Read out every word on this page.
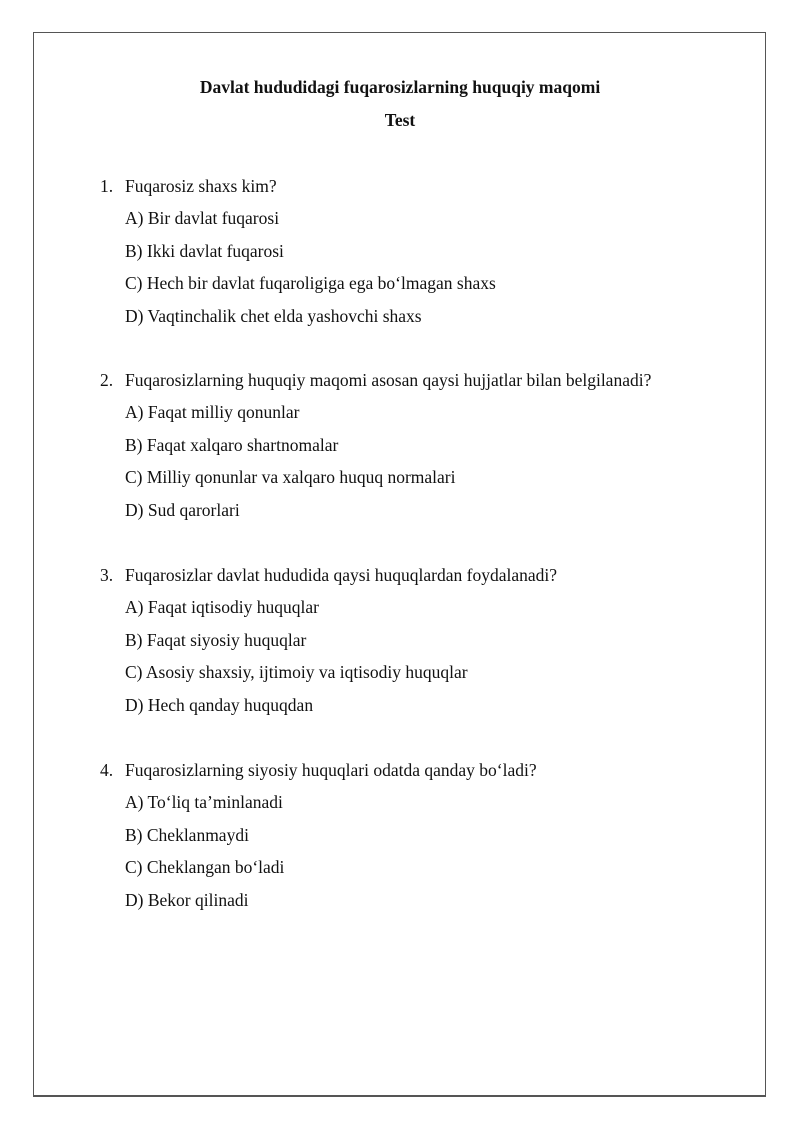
Davlat hududidagi fuqarosizlarning huquqiy maqomi
Test
1. Fuqarosiz shaxs kim?
A) Bir davlat fuqarosi
B) Ikki davlat fuqarosi
C) Hech bir davlat fuqaroligiga ega bo‘lmagan shaxs
D) Vaqtinchalik chet elda yashovchi shaxs
2. Fuqarosizlarning huquqiy maqomi asosan qaysi hujjatlar bilan belgilanadi?
A) Faqat milliy qonunlar
B) Faqat xalqaro shartnomalar
C) Milliy qonunlar va xalqaro huquq normalari
D) Sud qarorlari
3. Fuqarosizlar davlat hududida qaysi huquqlardan foydalanadi?
A) Faqat iqtisodiy huquqlar
B) Faqat siyosiy huquqlar
C) Asosiy shaxsiy, ijtimoiy va iqtisodiy huquqlar
D) Hech qanday huquqdan
4. Fuqarosizlarning siyosiy huquqlari odatda qanday bo‘ladi?
A) To‘liq ta’minlanadi
B) Cheklanmaydi
C) Cheklangan bo‘ladi
D) Bekor qilinadi
